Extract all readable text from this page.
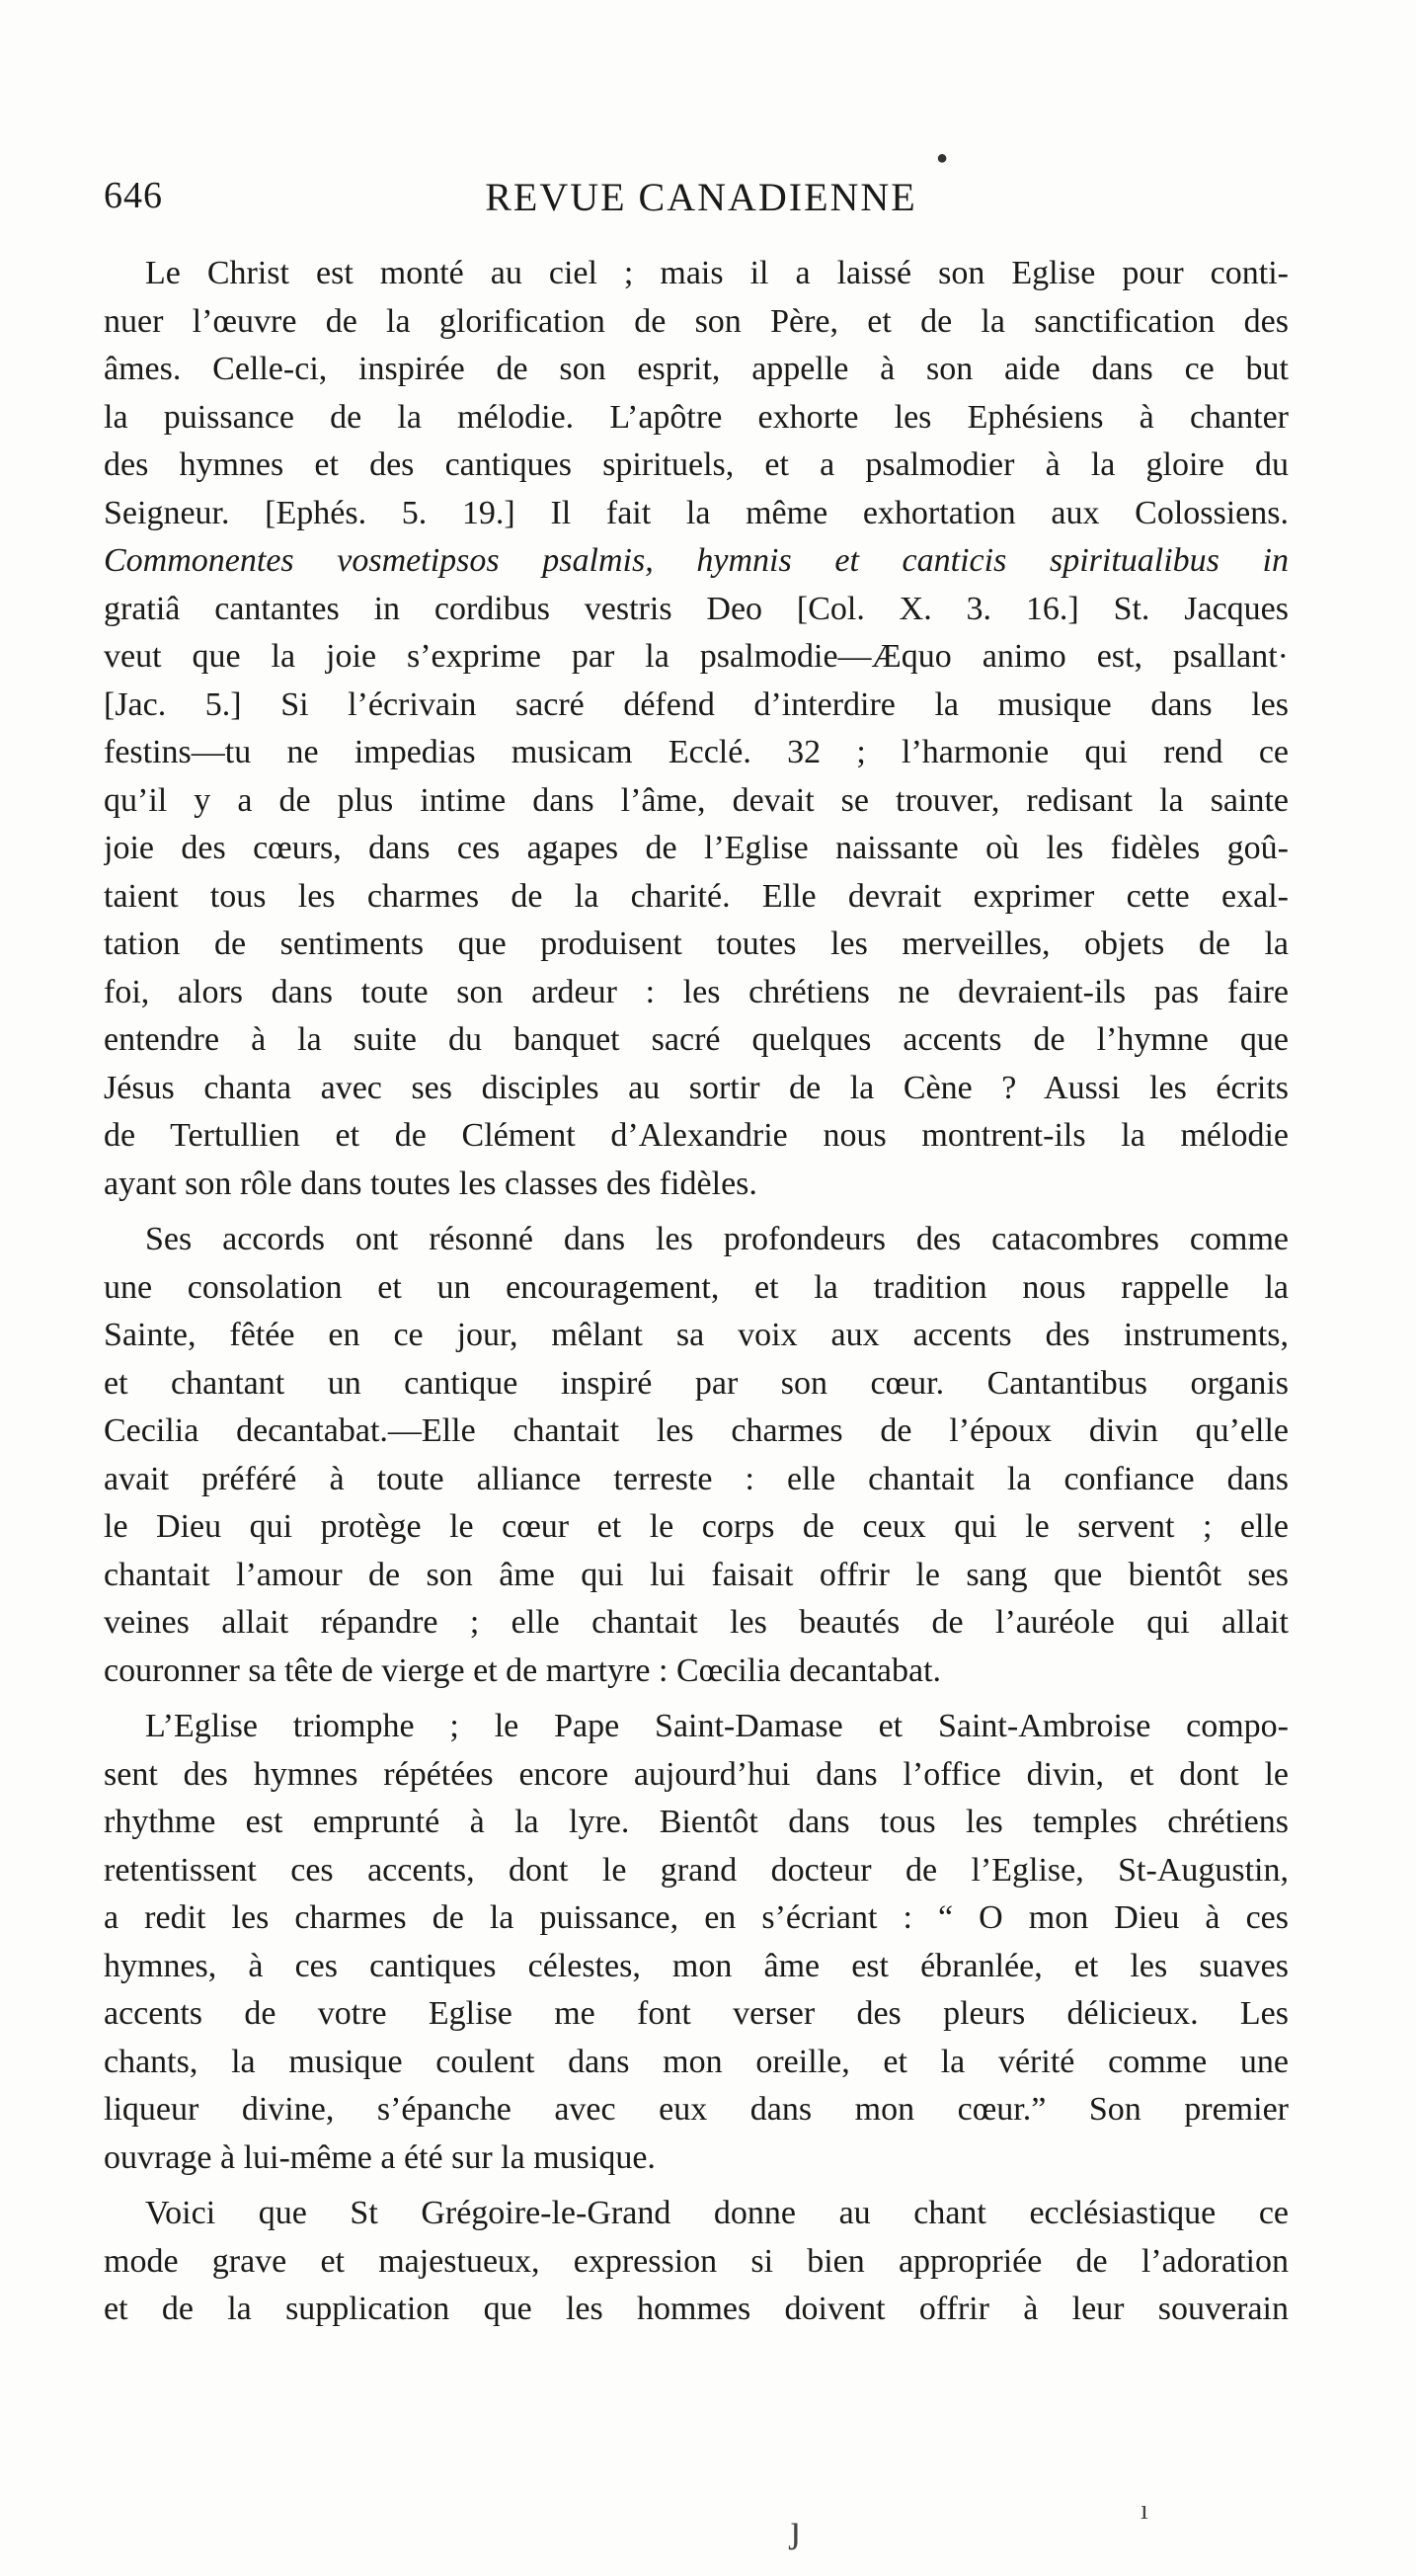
646	REVUE CANADIENNE
Le Christ est monté au ciel ; mais il a laissé son Eglise pour conti-
nuer l’œuvre de la glorification de son Père, et de la sanctification des
âmes. Celle-ci, inspirée de son esprit, appelle à son aide dans ce but
la puissance de la mélodie. L’apôtre exhorte les Ephésiens à chanter
des hymnes et des cantiques spirituels, et a psalmodier à la gloire du
Seigneur. [Ephés. 5. 19.] Il fait la même exhortation aux Colossiens.
Commonentes vosmetipsos psalmis, hymnis et canticis spiritualibus in
gratiâ cantantes in cordibus vestris Deo [Col. X. 3. 16.] St. Jacques
veut que la joie s’exprime par la psalmodie—Æquo animo est, psallant·
[Jac. 5.] Si l’écrivain sacré défend d’interdire la musique dans les
festins—tu ne impedias musicam Ecclé. 32 ; l’harmonie qui rend ce
qu’il y a de plus intime dans l’âme, devait se trouver, redisant la sainte
joie des cœurs, dans ces agapes de l’Eglise naissante où les fidèles goû-
taient tous les charmes de la charité. Elle devrait exprimer cette exal-
tation de sentiments que produisent toutes les merveilles, objets de la
foi, alors dans toute son ardeur : les chrétiens ne devraient-ils pas faire
entendre à la suite du banquet sacré quelques accents de l’hymne que
Jésus chanta avec ses disciples au sortir de la Cène ? Aussi les écrits
de Tertullien et de Clément d’Alexandrie nous montrent-ils la mélodie
ayant son rôle dans toutes les classes des fidèles.
Ses accords ont résonné dans les profondeurs des catacombres comme
une consolation et un encouragement, et la tradition nous rappelle la
Sainte, fêtée en ce jour, mêlant sa voix aux accents des instruments,
et chantant un cantique inspiré par son cœur. Cantantibus organis
Cecilia decantabat.—Elle chantait les charmes de l’époux divin qu’elle
avait préféré à toute alliance terreste : elle chantait la confiance dans
le Dieu qui protège le cœur et le corps de ceux qui le servent ; elle
chantait l’amour de son âme qui lui faisait offrir le sang que bientôt ses
veines allait répandre ; elle chantait les beautés de l’auréole qui allait
couronner sa tête de vierge et de martyre : Cœcilia decantabat.
L’Eglise triomphe ; le Pape Saint-Damase et Saint-Ambroise compo-
sent des hymnes répétées encore aujourd’hui dans l’office divin, et dont le
rhythme est emprunté à la lyre. Bientôt dans tous les temples chrétiens
retentissent ces accents, dont le grand docteur de l’Eglise, St-Augustin,
a redit les charmes de la puissance, en s’écriant : “ O mon Dieu à ces
hymnes, à ces cantiques célestes, mon âme est ébranlée, et les suaves
accents de votre Eglise me font verser des pleurs délicieux. Les
chants, la musique coulent dans mon oreille, et la vérité comme une
liqueur divine, s’épanche avec eux dans mon cœur.” Son premier
ouvrage à lui-même a été sur la musique.
Voici que St Grégoire-le-Grand donne au chant ecclésiastique ce
mode grave et majestueux, expression si bien appropriée de l’adoration
et de la supplication que les hommes doivent offrir à leur souverain
●
ȷ	ı
